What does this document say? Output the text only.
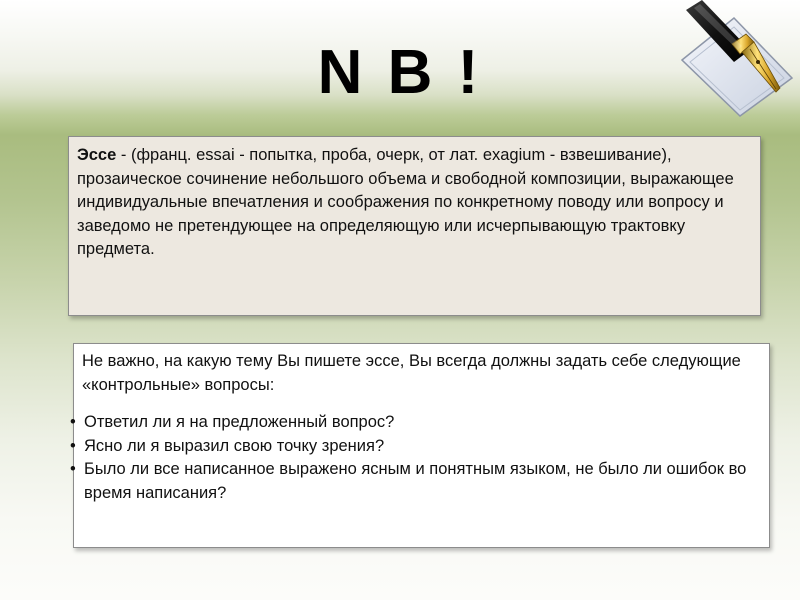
N B !
Эссе - (франц. essai - попытка, проба, очерк, от лат. exagium - взвешивание), прозаическое сочинение небольшого объема и свободной композиции, выражающее индивидуальные впечатления и соображения по конкретному поводу или вопросу и заведомо не претендующее на определяющую или исчерпывающую трактовку предмета.
Не важно, на какую тему Вы пишете эссе, Вы всегда должны задать себе следующие «контрольные» вопросы:
• Ответил ли я на предложенный вопрос?
• Ясно ли я выразил свою точку зрения?
• Было ли все написанное выражено ясным и понятным языком, не было ли ошибок во время написания?
